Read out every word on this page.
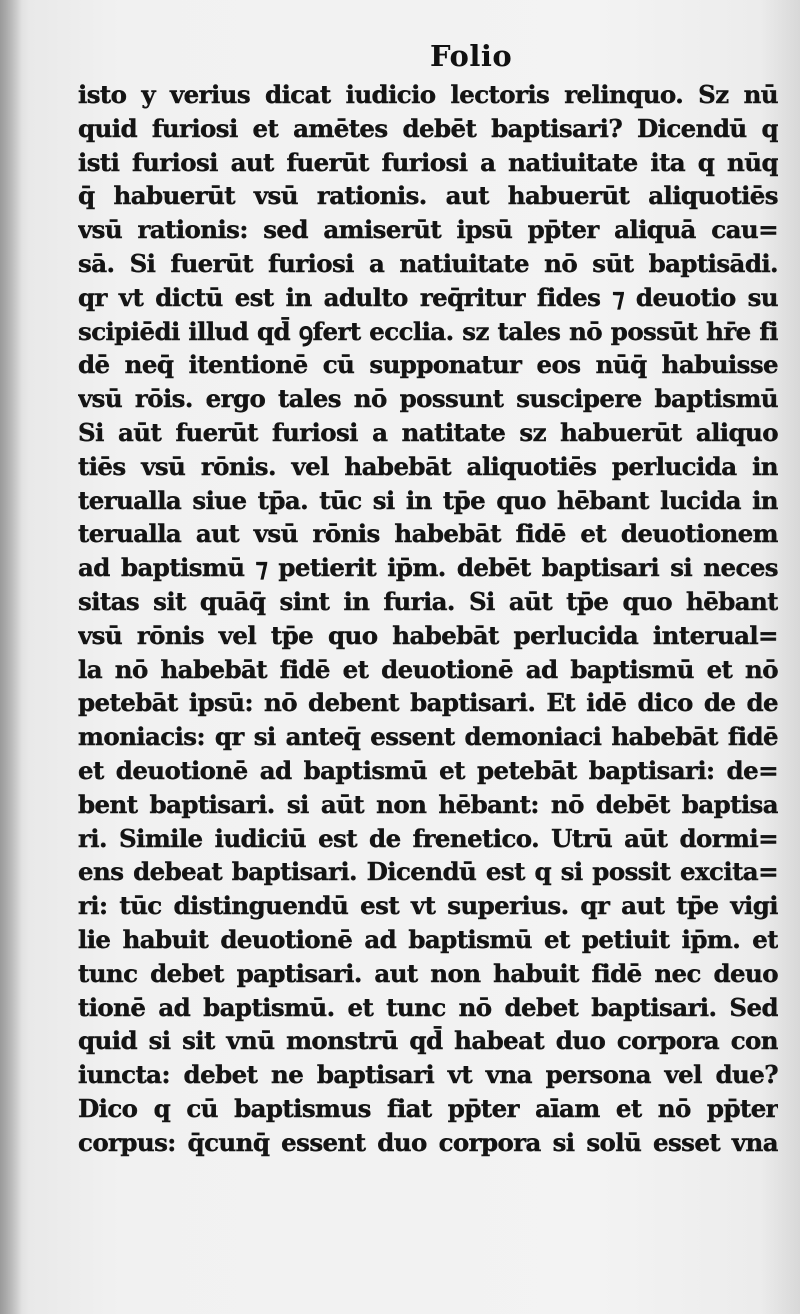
Folio
isto y verius dicat iudicio lectoris relinquo. Sz nū
quid furiosi et amētes debēt baptisari? Dicendū q
isti furiosi aut fuerūt furiosi a natiuitate ita q nūq
q̄ habuerūt vsū rationis. aut habuerūt aliquotiēs
vsū rationis: sed amiserūt ipsū pp̄ter aliquā cau=
sā. Si fuerūt furiosi a natiuitate nō sūt baptisādi.
qr vt dictū est in adulto req̄ritur fides ⁊ deuotio su
scipiēdi illud qd̄ ꝯfert ecclia. sz tales nō possūt hr̄e fi
dē neq̄ itentionē cū supponatur eos nūq̄ habuisse
vsū rōis. ergo tales nō possunt suscipere baptismū
Si aūt fuerūt furiosi a natitate sz habuerūt aliquo
tiēs vsū rōnis. vel habebāt aliquotiēs perlucida in
terualla siue tp̄a. tūc si in tp̄e quo hēbant lucida in
terualla aut vsū rōnis habebāt fidē et deuotionem
ad baptismū ⁊ petierit ip̄m. debēt baptisari si neces
sitas sit quāq̄ sint in furia. Si aūt tp̄e quo hēbant
vsū rōnis vel tp̄e quo habebāt perlucida interual=
la nō habebāt fidē et deuotionē ad baptismū et nō
petebāt ipsū: nō debent baptisari. Et idē dico de de
moniacis: qr si anteq̄ essent demoniaci habebāt fidē
et deuotionē ad baptismū et petebāt baptisari: de=
bent baptisari. si aūt non hēbant: nō debēt baptisa
ri. Simile iudiciū est de frenetico. Utrū aūt dormi=
ens debeat baptisari. Dicendū est q si possit excita=
ri: tūc distinguendū est vt superius. qr aut tp̄e vigi
lie habuit deuotionē ad baptismū et petiuit ip̄m. et
tunc debet paptisari. aut non habuit fidē nec deuo
tionē ad baptismū. et tunc nō debet baptisari. Sed
quid si sit vnū monstrū qd̄ habeat duo corpora con
iuncta: debet ne baptisari vt vna persona vel due?
Dico q cū baptismus fiat pp̄ter aīam et nō pp̄ter
corpus: q̄cunq̄ essent duo corpora si solū esset vna
